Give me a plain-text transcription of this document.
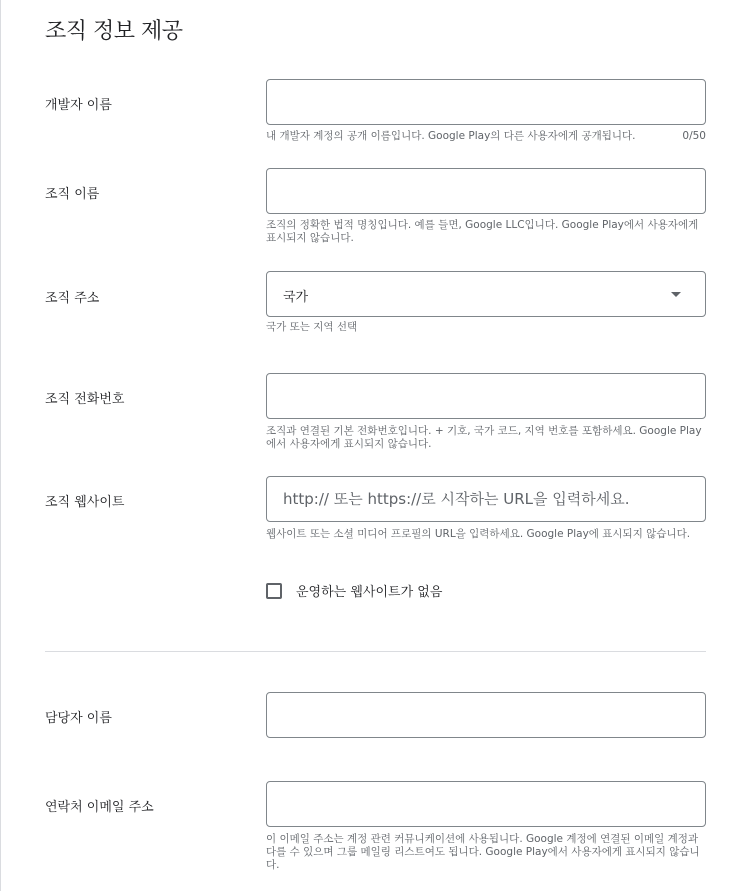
조직 정보 제공
개발자 이름
내 개발자 계정의 공개 이름입니다. Google Play의 다른 사용자에게 공개됩니다.	0/50
조직 이름
조직의 정확한 법적 명칭입니다. 예를 들면, Google LLC입니다. Google Play에서 사용자에게 표시되지 않습니다.
조직 주소	국가
국가 또는 지역 선택
조직 전화번호
조직과 연결된 기본 전화번호입니다. + 기호, 국가 코드, 지역 번호를 포함하세요. Google Play에서 사용자에게 표시되지 않습니다.
조직 웹사이트
http:// 또는 https://로 시작하는 URL을 입력하세요.
웹사이트 또는 소셜 미디어 프로필의 URL을 입력하세요. Google Play에 표시되지 않습니다.
운영하는 웹사이트가 없음
담당자 이름
연락처 이메일 주소
이 이메일 주소는 계정 관련 커뮤니케이션에 사용됩니다. Google 계정에 연결된 이메일 계정과 다를 수 있으며 그룹 메일링 리스트여도 됩니다. Google Play에서 사용자에게 표시되지 않습니다.
